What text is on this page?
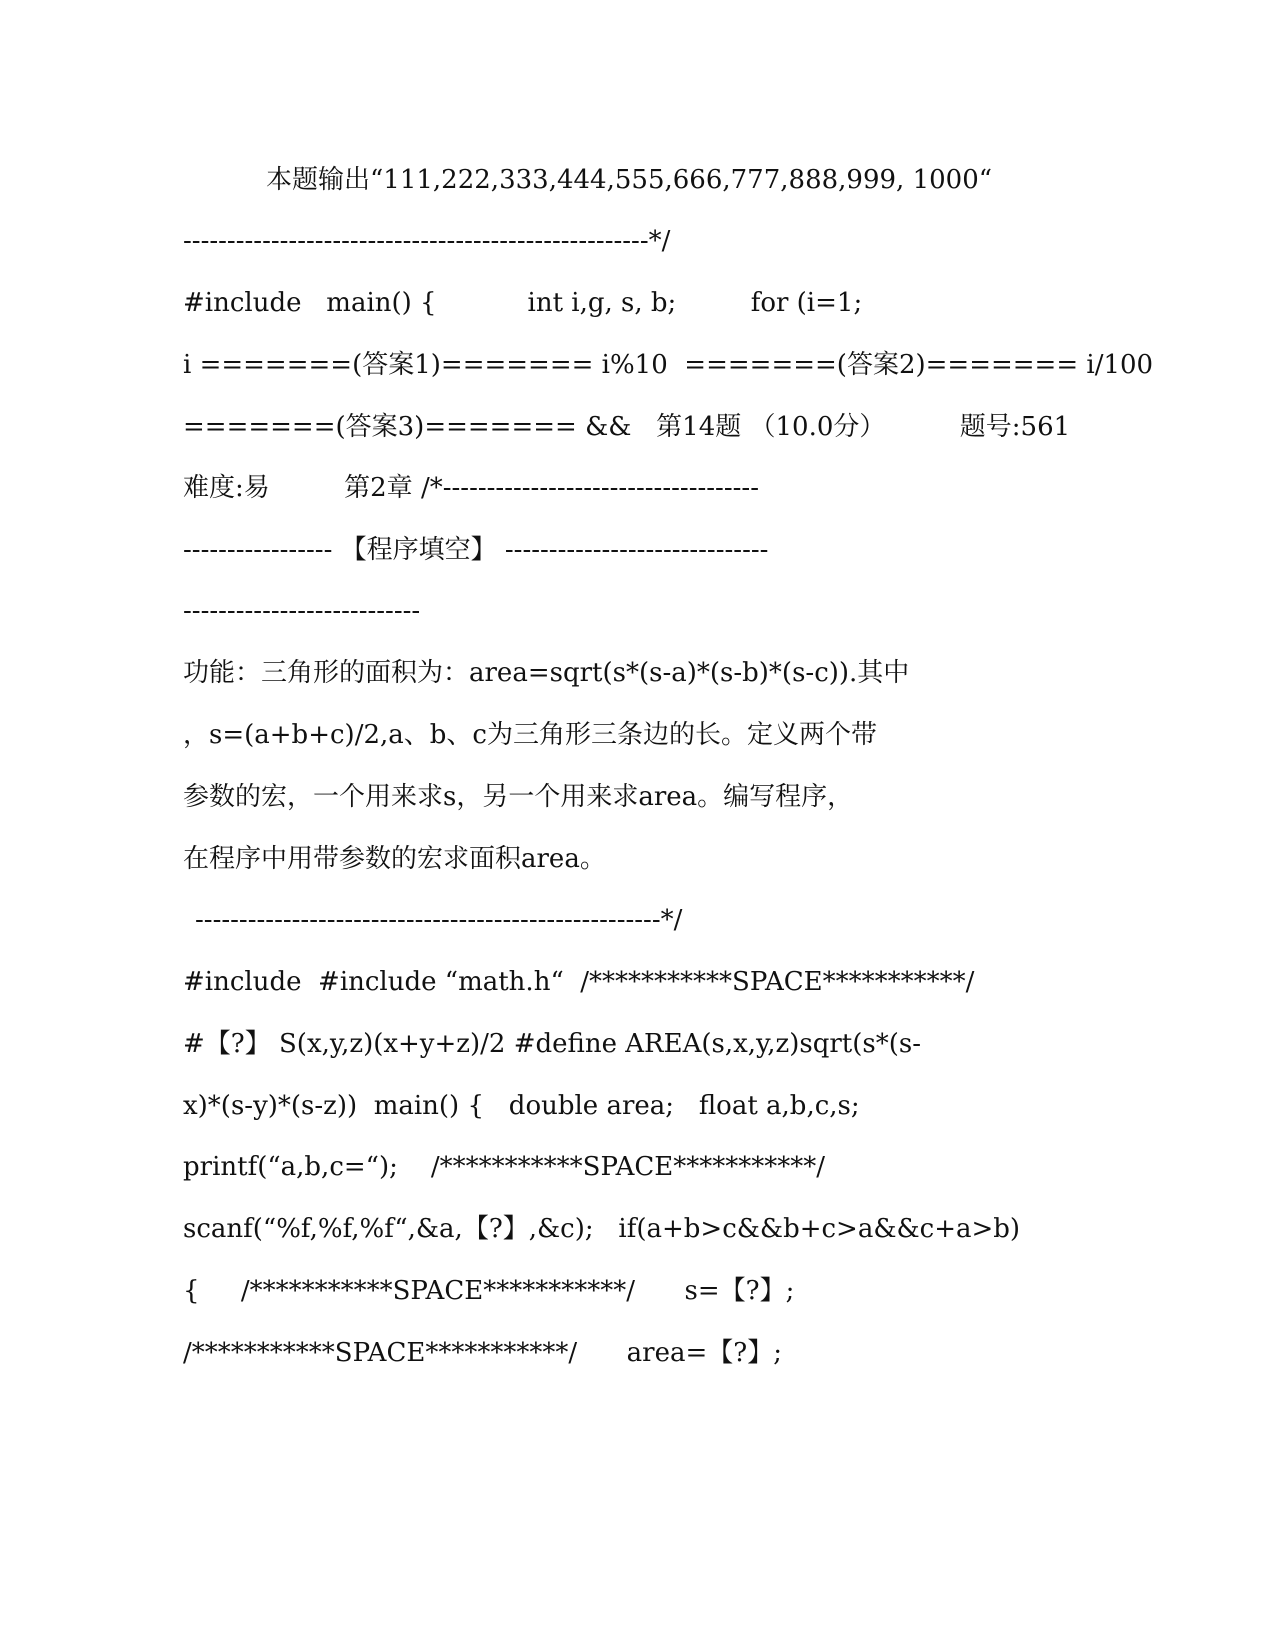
本题输出“111,222,333,444,555,666,777,888,999, 1000“
-----------------------------------------------------*/
#include   main() {           int i,g, s, b;         for (i=1;
i =======(答案1)======= i%10  =======(答案2)======= i/100
=======(答案3)======= &&   第14题 （10.0分）         题号:561
难度:易         第2章 /*------------------------------------
----------------- 【程序填空】 ------------------------------
---------------------------
功能：三角形的面积为：area=sqrt(s*(s-a)*(s-b)*(s-c)).其中
，s=(a+b+c)/2,a、b、c为三角形三条边的长。定义两个带
参数的宏，一个用来求s，另一个用来求area。编写程序，
在程序中用带参数的宏求面积area。
-----------------------------------------------------*/
#include  #include “math.h“  /***********SPACE***********/
#【?】 S(x,y,z)(x+y+z)/2 #define AREA(s,x,y,z)sqrt(s*(s-
x)*(s-y)*(s-z))  main() {   double area;   float a,b,c,s;
printf(“a,b,c=“);    /***********SPACE***********/
scanf(“%f,%f,%f“,&a,【?】,&c);   if(a+b>c&&b+c>a&&c+a>b)
{     /***********SPACE***********/      s=【?】;
/***********SPACE***********/      area=【?】;
